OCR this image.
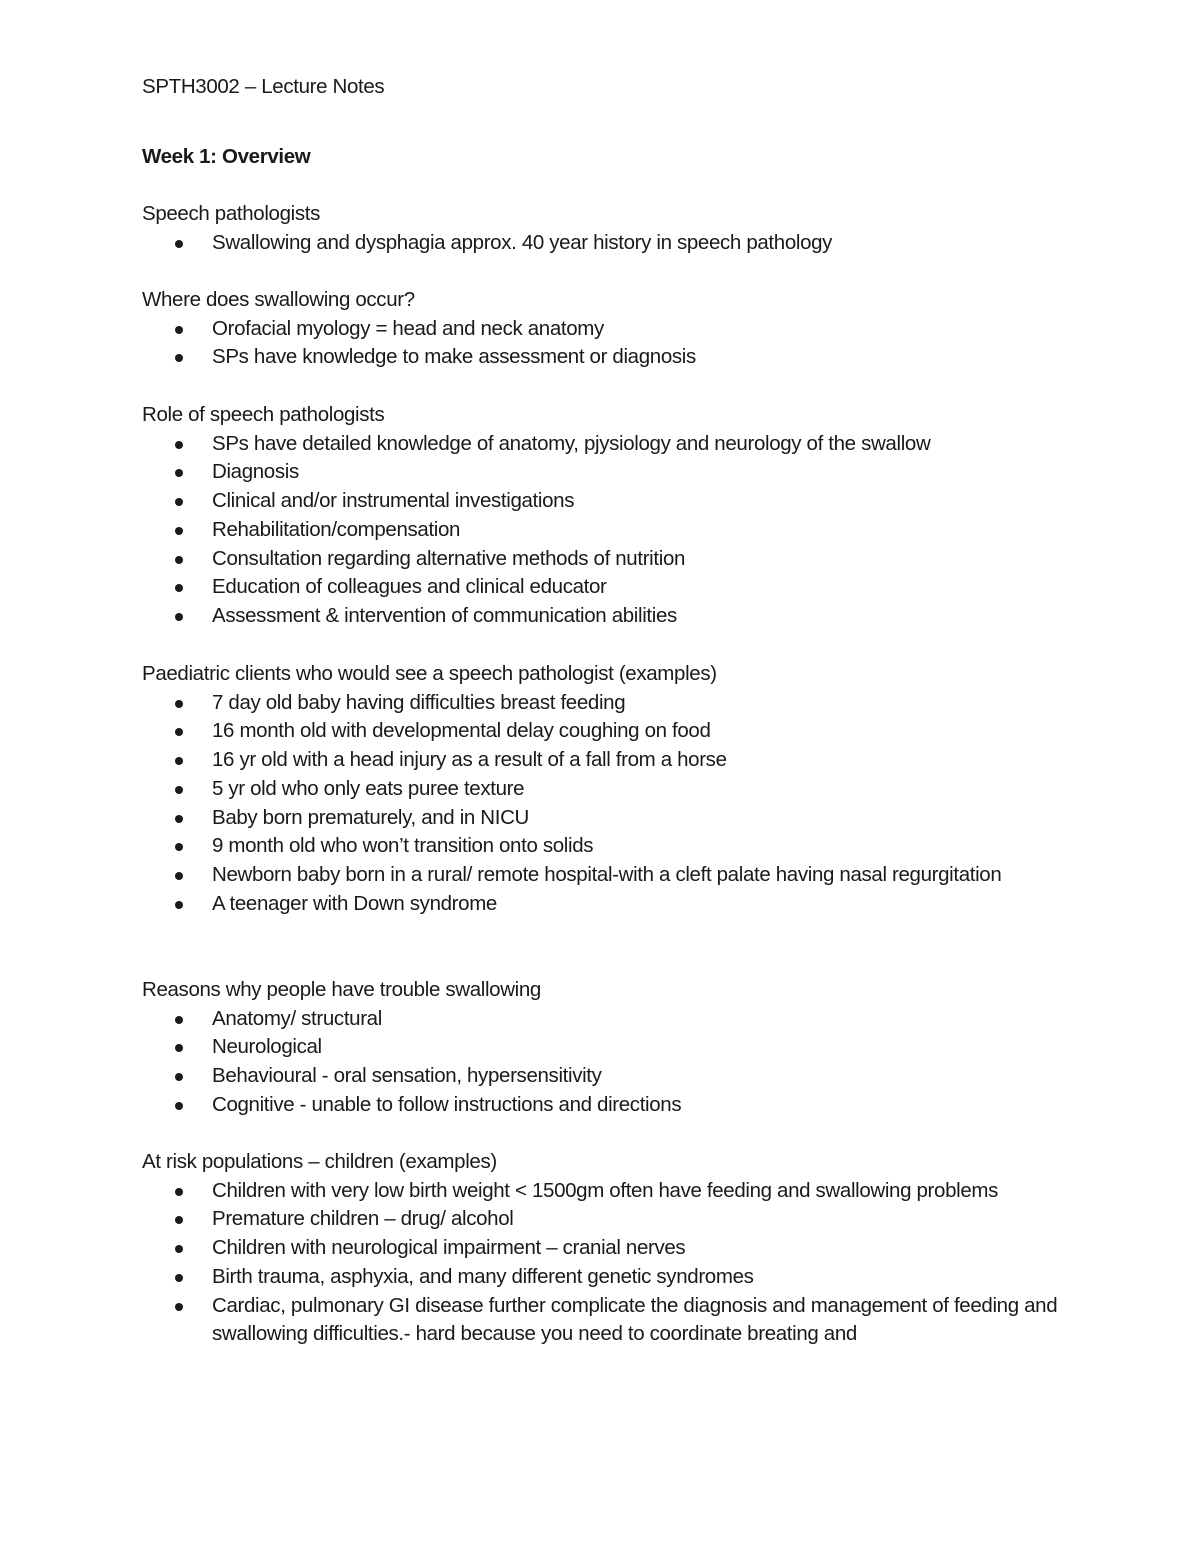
SPTH3002 – Lecture Notes
Week 1: Overview
Speech pathologists
Swallowing and dysphagia approx. 40 year history in speech pathology
Where does swallowing occur?
Orofacial myology = head and neck anatomy
SPs have knowledge to make assessment or diagnosis
Role of speech pathologists
SPs have detailed knowledge of anatomy, pjysiology and neurology of the swallow
Diagnosis
Clinical and/or instrumental investigations
Rehabilitation/compensation
Consultation regarding alternative methods of nutrition
Education of colleagues and clinical educator
Assessment & intervention of communication abilities
Paediatric clients who would see a speech pathologist (examples)
7 day old baby having difficulties breast feeding
16 month old with developmental delay coughing on food
16 yr old with a head injury as a result of a fall from a horse
5 yr old who only eats puree texture
Baby born prematurely, and in NICU
9 month old who won’t transition onto solids
Newborn baby born in a rural/ remote hospital-with a cleft palate having nasal regurgitation
A teenager with Down syndrome
Reasons why people have trouble swallowing
Anatomy/ structural
Neurological
Behavioural - oral sensation, hypersensitivity
Cognitive - unable to follow instructions and directions
At risk populations – children (examples)
Children with very low birth weight < 1500gm often have feeding and swallowing problems
Premature children – drug/ alcohol
Children with neurological impairment – cranial nerves
Birth trauma, asphyxia, and many different genetic syndromes
Cardiac, pulmonary GI disease further complicate the diagnosis and management of feeding and swallowing difficulties.- hard because you need to coordinate breating and
